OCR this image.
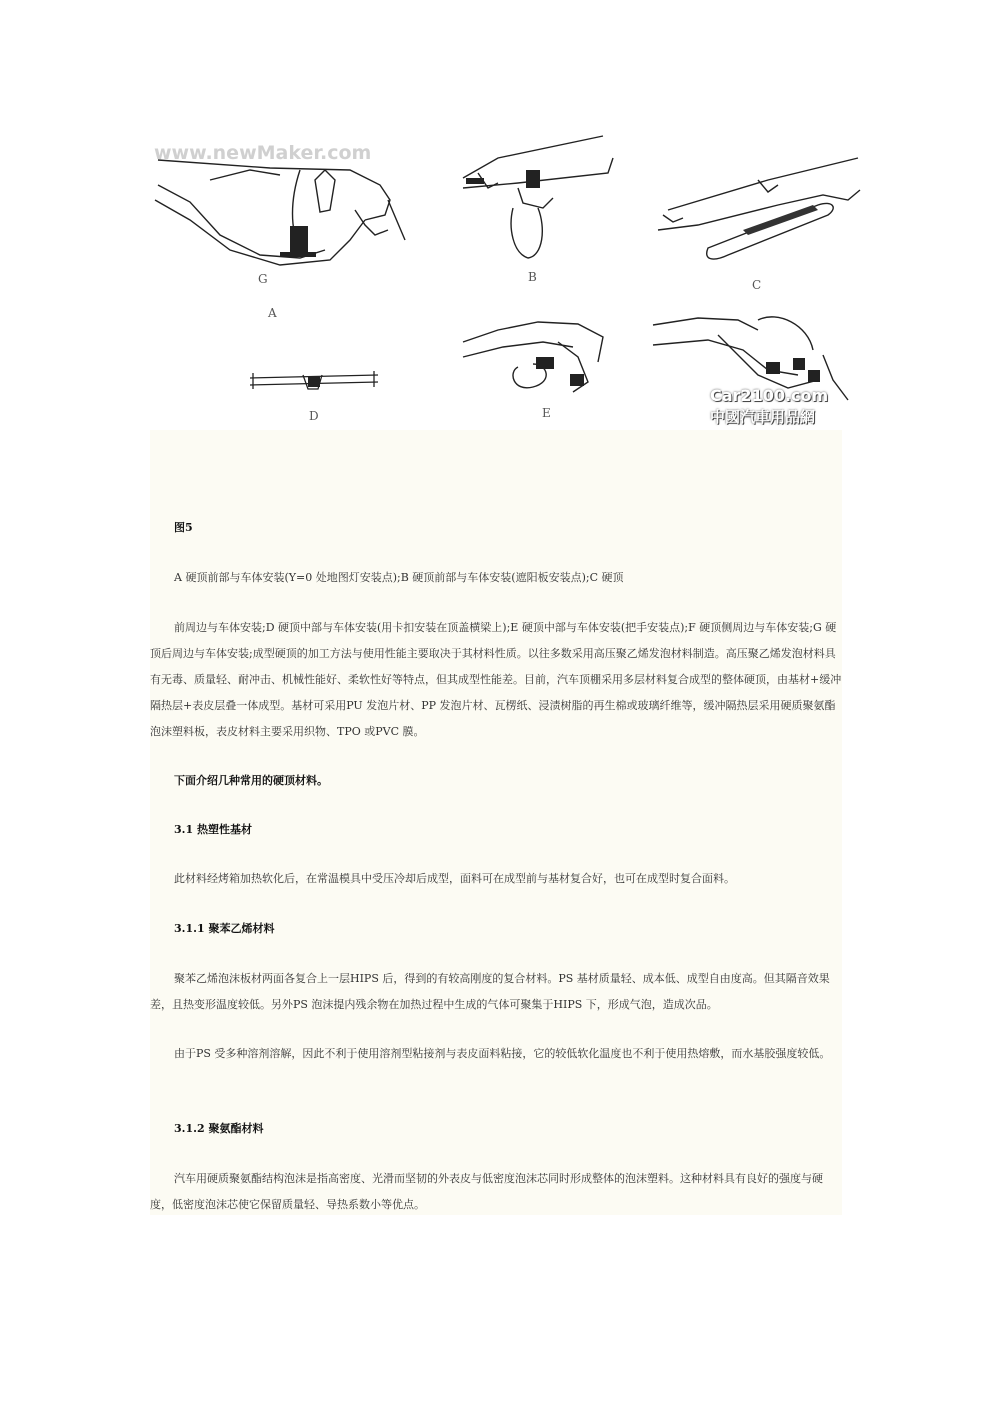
www.newMaker.com
G
A
B
C
D	E
Car2100.com
中國汽車用品網
图5
A 硬顶前部与车体安装(Y=0 处地图灯安装点);B 硬顶前部与车体安装(遮阳板安装点);C 硬顶
前周边与车体安装;D 硬顶中部与车体安装(用卡扣安装在顶盖横梁上);E 硬顶中部与车体安装(把手安装点);F 硬顶侧周边与车体安装;G 硬顶后周边与车体安装;成型硬顶的加工方法与使用性能主要取决于其材料性质。以往多数采用高压聚乙烯发泡材料制造。高压聚乙烯发泡材料具有无毒、质量轻、耐冲击、机械性能好、柔软性好等特点，但其成型性能差。目前，汽车顶棚采用多层材料复合成型的整体硬顶，由基材+缓冲隔热层+表皮层叠一体成型。基材可采用PU 发泡片材、PP 发泡片材、瓦楞纸、浸渍树脂的再生棉或玻璃纤维等，缓冲隔热层采用硬质聚氨酯泡沫塑料板，表皮材料主要采用织物、TPO 或PVC 膜。
下面介绍几种常用的硬顶材料。
3.1 热塑性基材
此材料经烤箱加热软化后，在常温模具中受压冷却后成型，面料可在成型前与基材复合好，也可在成型时复合面料。
3.1.1 聚苯乙烯材料
聚苯乙烯泡沫板材两面各复合上一层HIPS 后，得到的有较高刚度的复合材料。PS 基材质量轻、成本低、成型自由度高。但其隔音效果差，且热变形温度较低。另外PS 泡沫提内残余物在加热过程中生成的气体可聚集于HIPS 下，形成气泡，造成次品。
由于PS 受多种溶剂溶解，因此不利于使用溶剂型粘接剂与表皮面料粘接，它的较低软化温度也不利于使用热熔敷，而水基胶强度较低。
3.1.2 聚氨酯材料
汽车用硬质聚氨酯结构泡沫是指高密度、光滑而坚韧的外表皮与低密度泡沫芯同时形成整体的泡沫塑料。这种材料具有良好的强度与硬度，低密度泡沫芯使它保留质量轻、导热系数小等优点。
